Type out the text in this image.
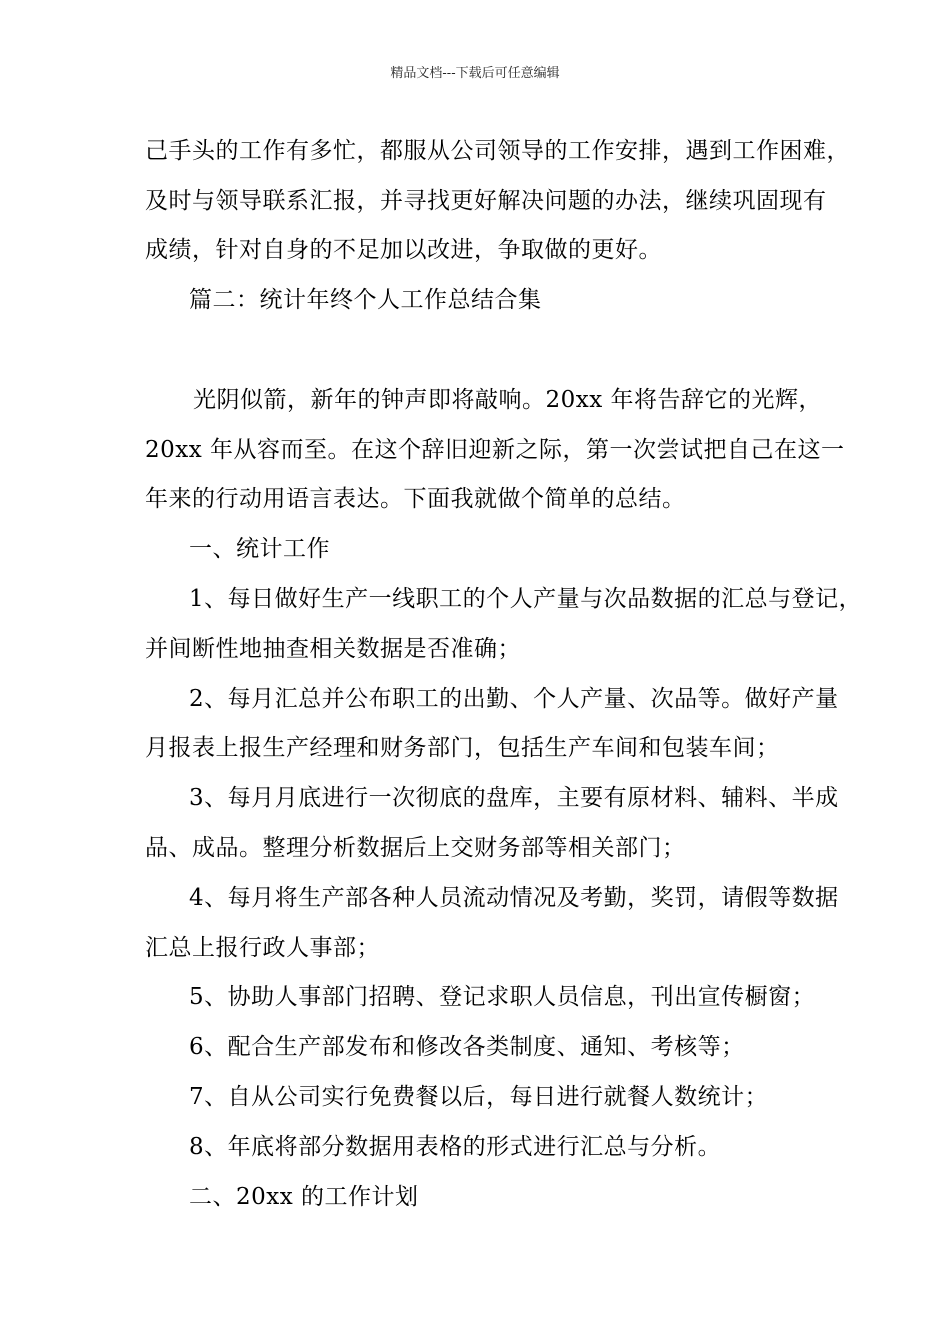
精品文档---下载后可任意编辑
己手头的工作有多忙，都服从公司领导的工作安排，遇到工作困难，
及时与领导联系汇报，并寻找更好解决问题的办法，继续巩固现有
成绩，针对自身的不足加以改进，争取做的更好。
篇二：统计年终个人工作总结合集
光阴似箭，新年的钟声即将敲响。20xx 年将告辞它的光辉，
20xx 年从容而至。在这个辞旧迎新之际，第一次尝试把自己在这一
年来的行动用语言表达。下面我就做个简单的总结。
一、统计工作
1、每日做好生产一线职工的个人产量与次品数据的汇总与登记，
并间断性地抽查相关数据是否准确；
2、每月汇总并公布职工的出勤、个人产量、次品等。做好产量
月报表上报生产经理和财务部门，包括生产车间和包装车间；
3、每月月底进行一次彻底的盘库，主要有原材料、辅料、半成
品、成品。整理分析数据后上交财务部等相关部门；
4、每月将生产部各种人员流动情况及考勤，奖罚，请假等数据
汇总上报行政人事部；
5、协助人事部门招聘、登记求职人员信息，刊出宣传橱窗；
6、配合生产部发布和修改各类制度、通知、考核等；
7、自从公司实行免费餐以后，每日进行就餐人数统计；
8、年底将部分数据用表格的形式进行汇总与分析。
二、20xx 的工作计划
